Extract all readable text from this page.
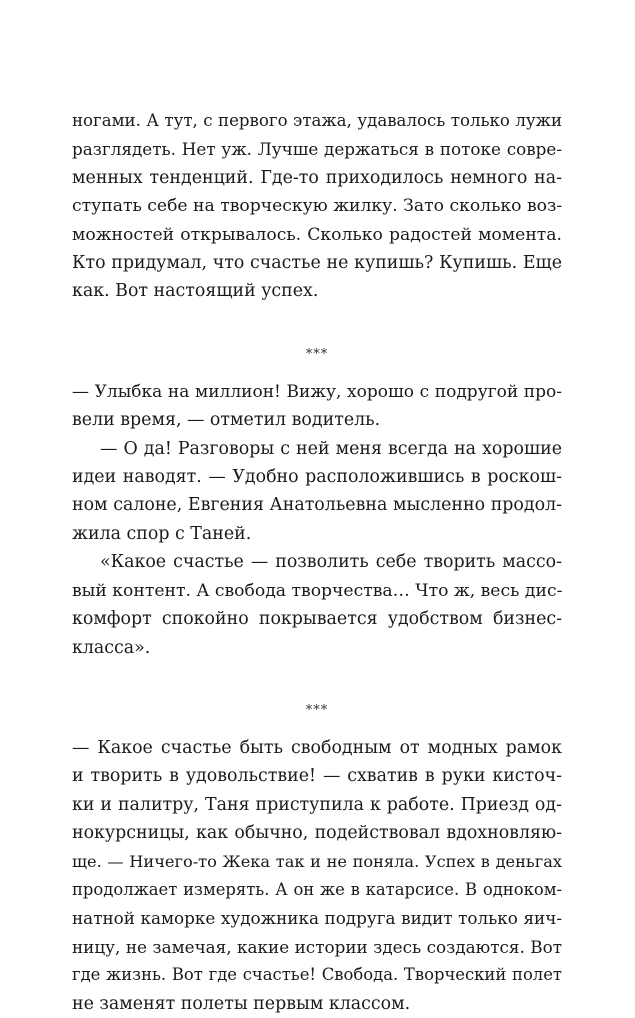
ногами. А тут, с первого этажа, удавалось только лужи
разглядеть. Нет уж. Лучше держаться в потоке совре-
менных тенденций. Где-то приходилось немного на-
ступать себе на творческую жилку. Зато сколько воз-
можностей открывалось. Сколько радостей момента.
Кто придумал, что счастье не купишь? Купишь. Еще
как. Вот настоящий успех.
***
— Улыбка на миллион! Вижу, хорошо с подругой про-
вели время, — отметил водитель.
— О да! Разговоры с ней меня всегда на хорошие
идеи наводят. — Удобно расположившись в роскош-
ном салоне, Евгения Анатольевна мысленно продол-
жила спор с Таней.
«Какое счастье — позволить себе творить массо-
вый контент. А свобода творчества… Что ж, весь дис-
комфорт спокойно покрывается удобством бизнес-
класса».
***
— Какое счастье быть свободным от модных рамок
и творить в удовольствие! — схватив в руки кисточ-
ки и палитру, Таня приступила к работе. Приезд од-
нокурсницы, как обычно, подействовал вдохновляю-
ще. — Ничего-то Жека так и не поняла. Успех в деньгах
продолжает измерять. А он же в катарсисе. В одноком-
натной каморке художника подруга видит только яич-
ницу, не замечая, какие истории здесь создаются. Вот
где жизнь. Вот где счастье! Свобода. Творческий полет
не заменят полеты первым классом.
